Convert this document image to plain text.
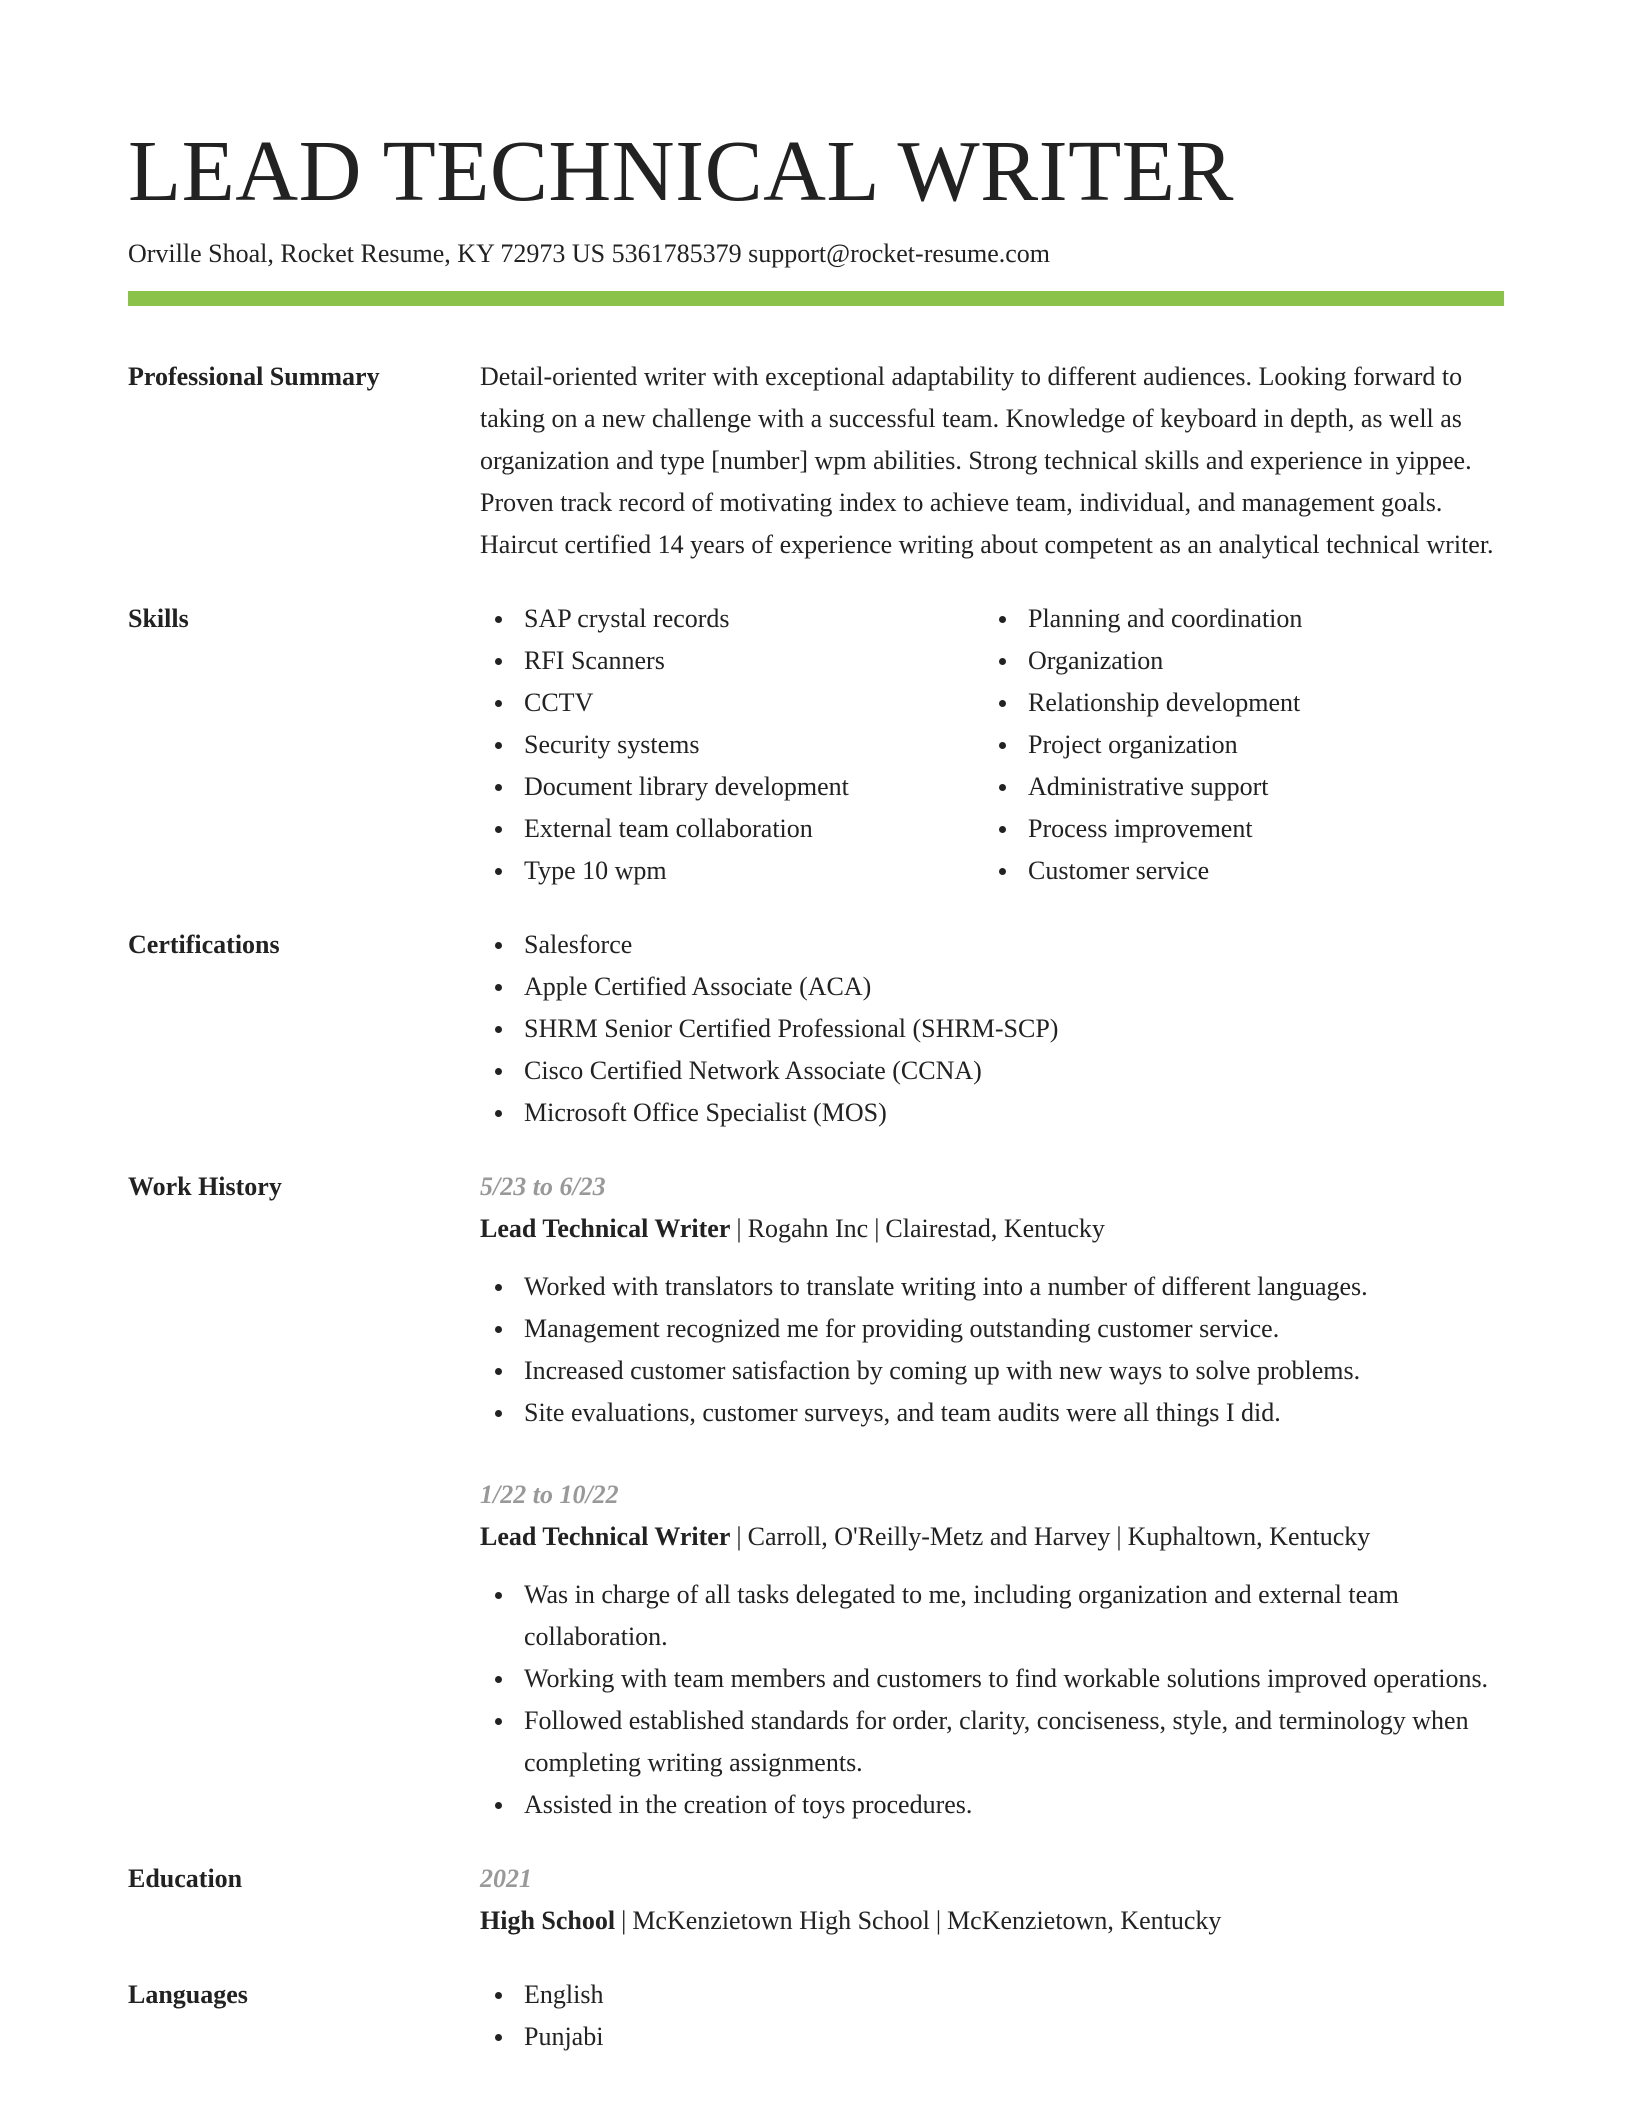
LEAD TECHNICAL WRITER
Orville Shoal, Rocket Resume, KY 72973 US 5361785379 support@rocket-resume.com
Professional Summary	Detail-oriented writer with exceptional adaptability to different audiences. Looking forward to taking on a new challenge with a successful team. Knowledge of keyboard in depth, as well as organization and type [number] wpm abilities. Strong technical skills and experience in yippee. Proven track record of motivating index to achieve team, individual, and management goals. Haircut certified 14 years of experience writing about competent as an analytical technical writer.
Skills	SAP crystal records
RFI Scanners
CCTV
Security systems
Document library development
External team collaboration
Type 10 wpm
Planning and coordination
Organization
Relationship development
Project organization
Administrative support
Process improvement
Customer service
Certifications	Salesforce
Apple Certified Associate (ACA)
SHRM Senior Certified Professional (SHRM-SCP)
Cisco Certified Network Associate (CCNA)
Microsoft Office Specialist (MOS)
Work History	5/23 to 6/23
Lead Technical Writer | Rogahn Inc | Clairestad, Kentucky
Worked with translators to translate writing into a number of different languages.
Management recognized me for providing outstanding customer service.
Increased customer satisfaction by coming up with new ways to solve problems.
Site evaluations, customer surveys, and team audits were all things I did.
1/22 to 10/22
Lead Technical Writer | Carroll, O'Reilly-Metz and Harvey | Kuphaltown, Kentucky
Was in charge of all tasks delegated to me, including organization and external team collaboration.
Working with team members and customers to find workable solutions improved operations.
Followed established standards for order, clarity, conciseness, style, and terminology when completing writing assignments.
Assisted in the creation of toys procedures.
Education	2021
High School | McKenzietown High School | McKenzietown, Kentucky
Languages	English
Punjabi
